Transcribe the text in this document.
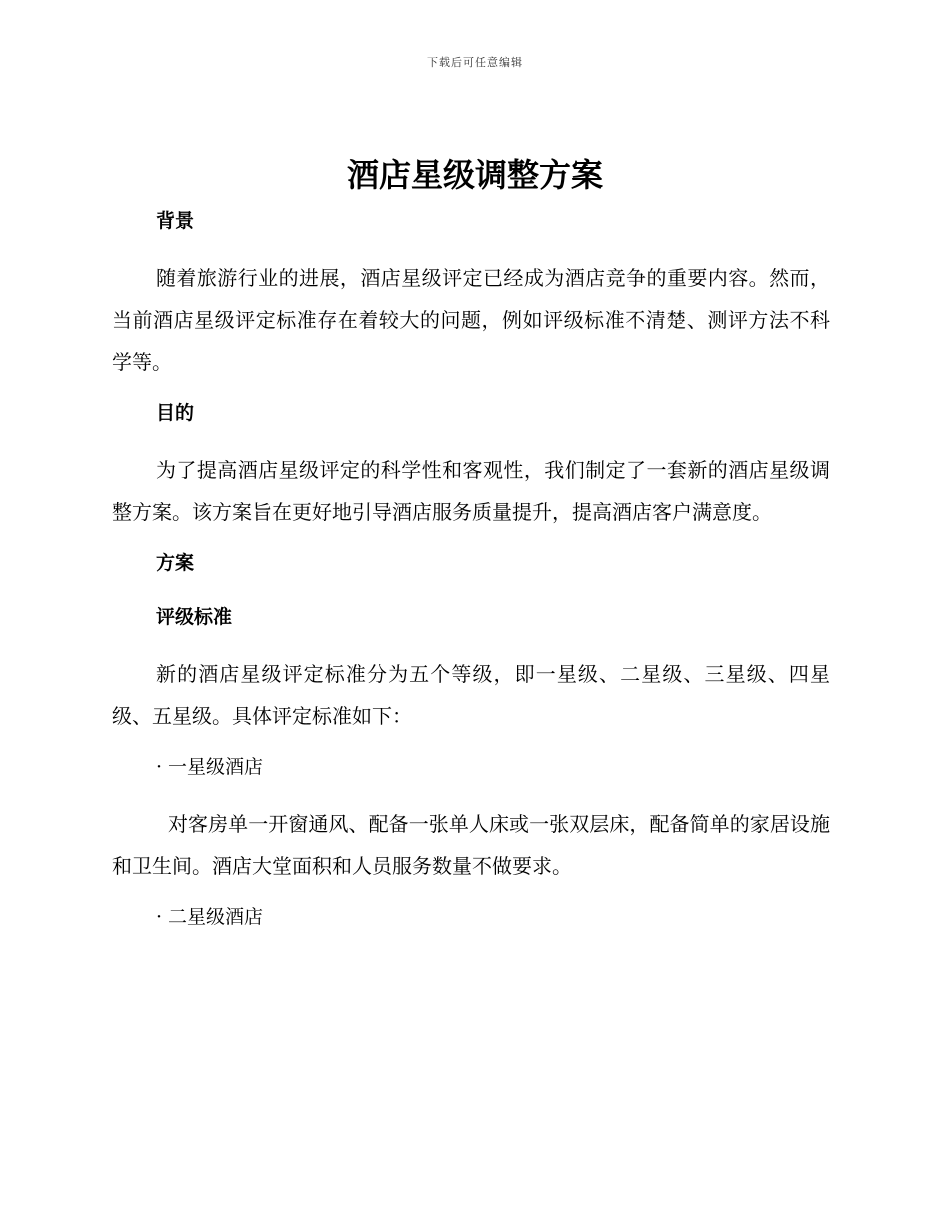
下载后可任意编辑
酒店星级调整方案
背景

随着旅游行业的进展，酒店星级评定已经成为酒店竞争的重要内容。然而，当前酒店星级评定标准存在着较大的问题，例如评级标准不清楚、测评方法不科学等。

目的

为了提高酒店星级评定的科学性和客观性，我们制定了一套新的酒店星级调整方案。该方案旨在更好地引导酒店服务质量提升，提高酒店客户满意度。

方案
评级标准

新的酒店星级评定标准分为五个等级，即一星级、二星级、三星级、四星级、五星级。具体评定标准如下：

· 一星级酒店

对客房单一开窗通风、配备一张单人床或一张双层床，配备简单的家居设施和卫生间。酒店大堂面积和人员服务数量不做要求。

· 二星级酒店
